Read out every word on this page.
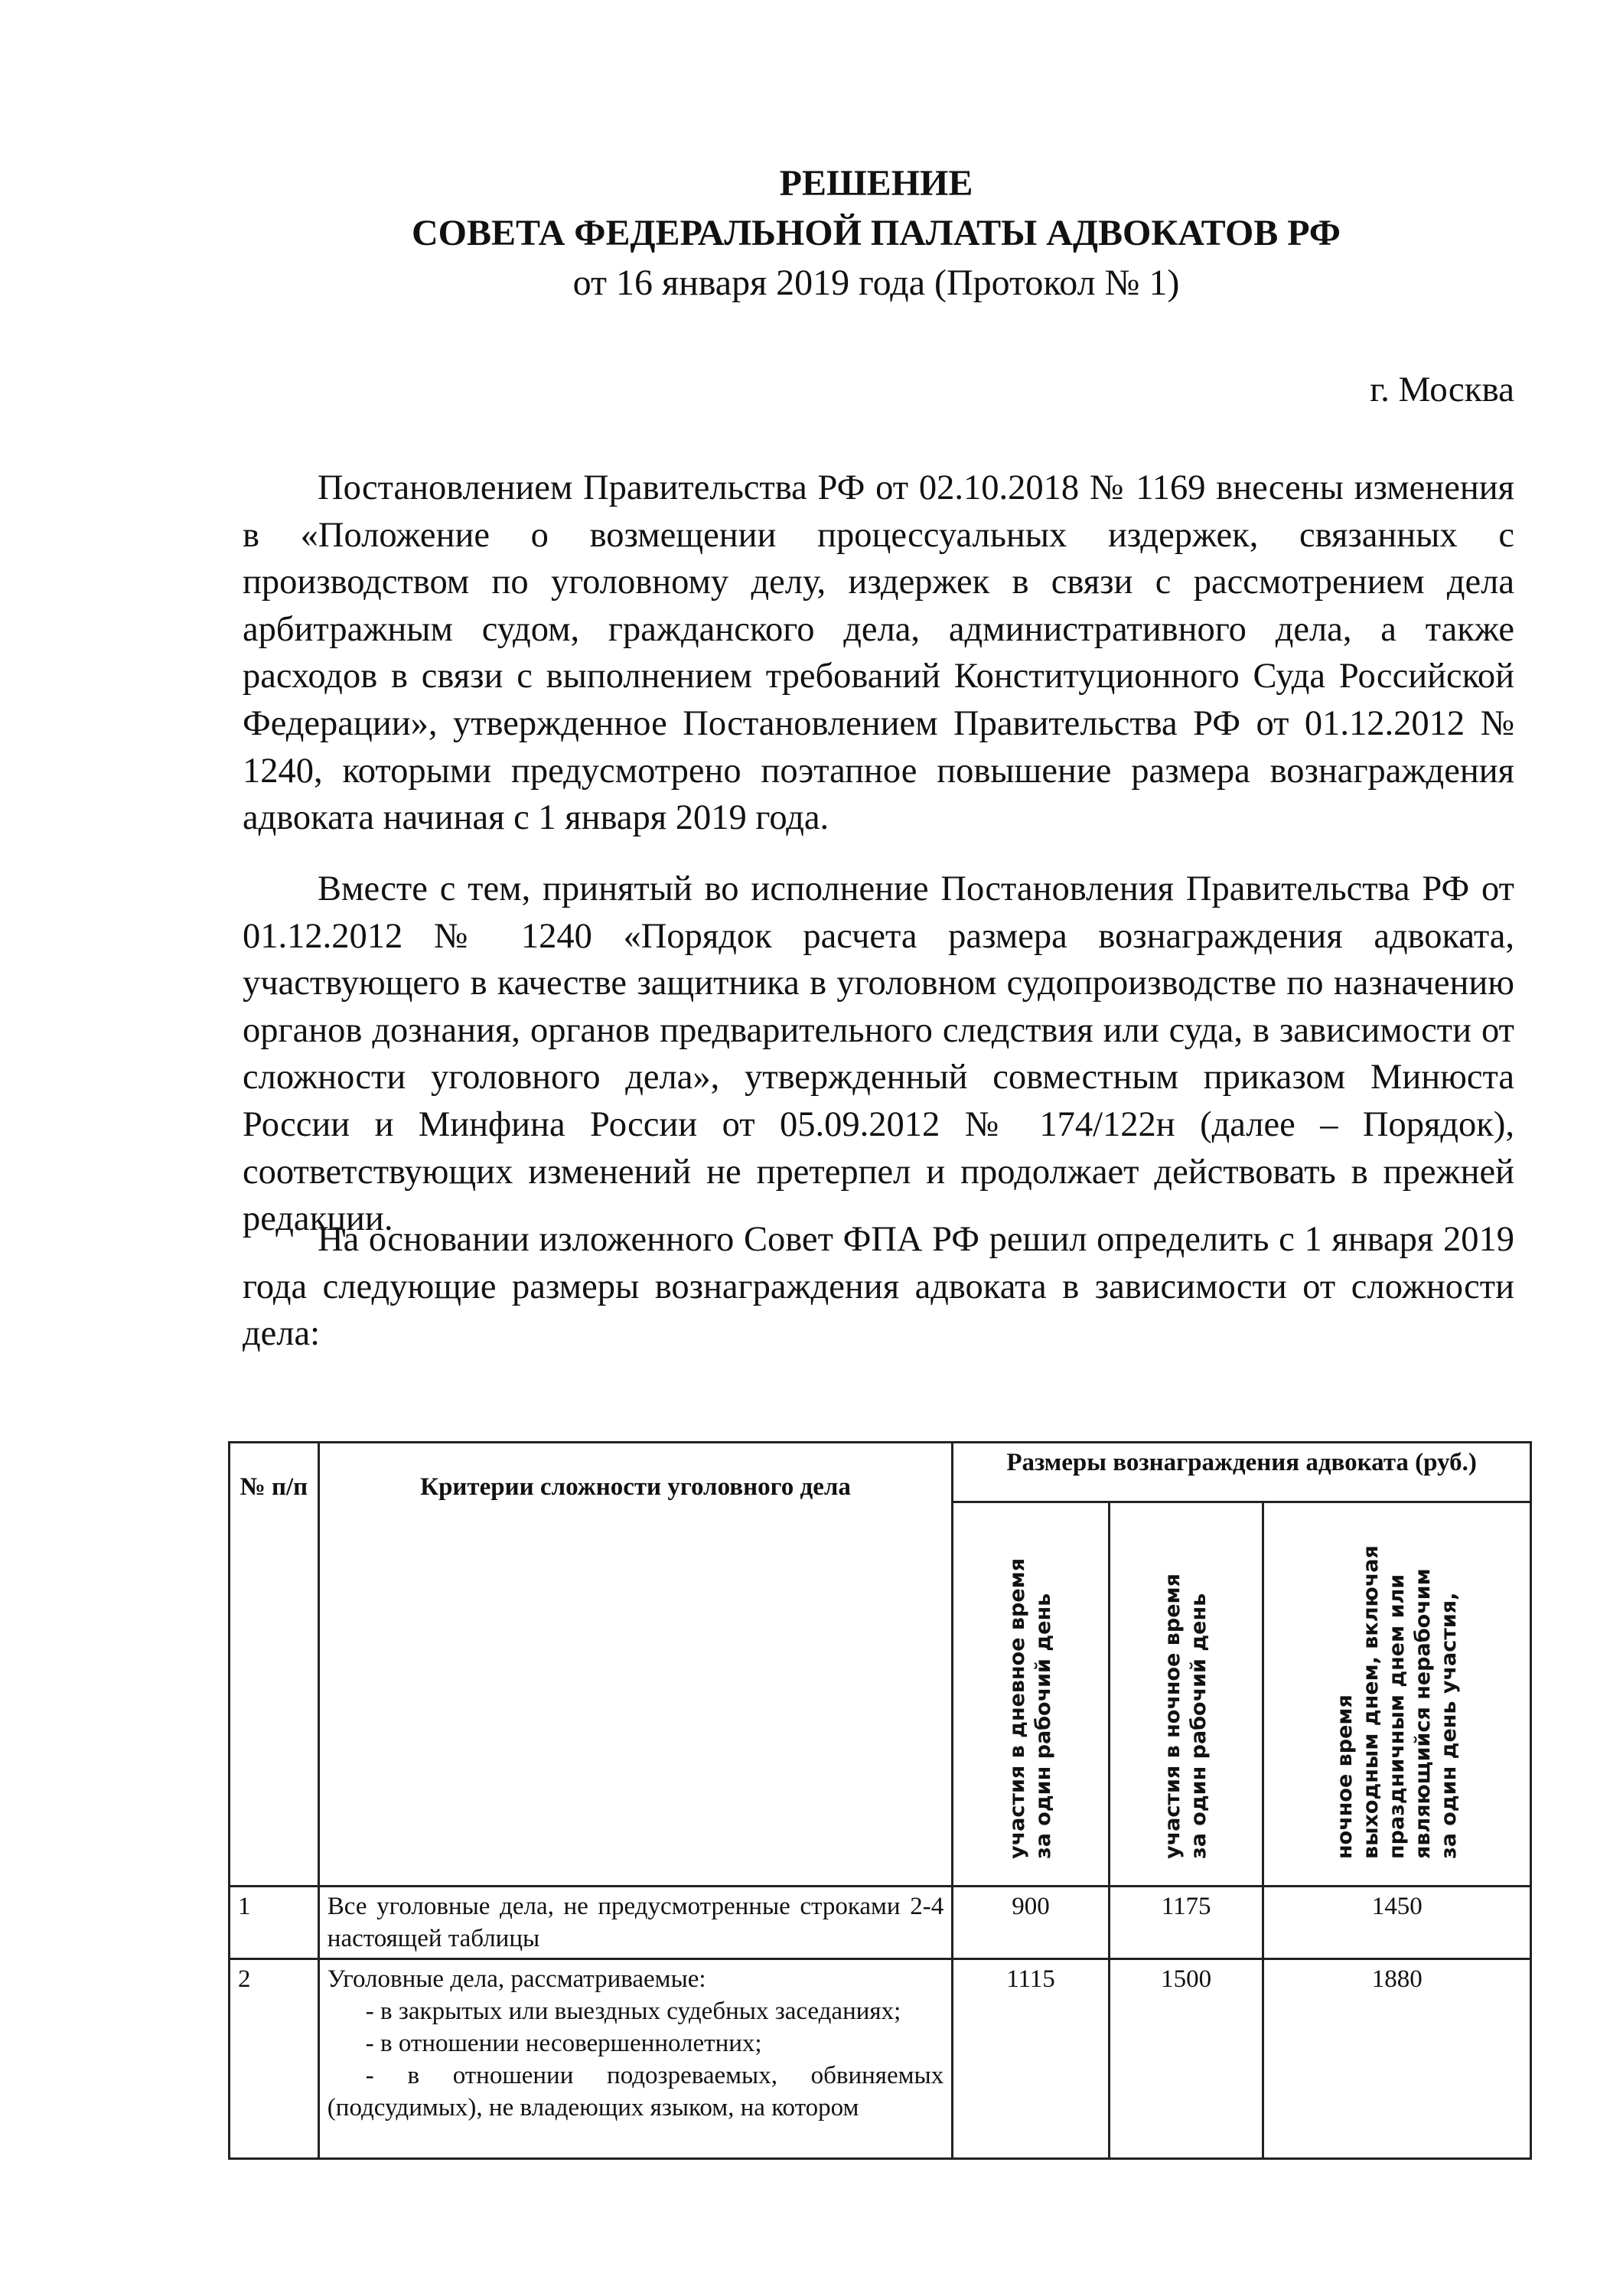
РЕШЕНИЕ
СОВЕТА ФЕДЕРАЛЬНОЙ ПАЛАТЫ АДВОКАТОВ РФ
от 16 января 2019 года (Протокол № 1)
г. Москва

Постановлением Правительства РФ от 02.10.2018 № 1169 внесены изменения в «Положение о возмещении процессуальных издержек, связанных с производством по уголовному делу, издержек в связи с рассмотрением дела арбитражным судом, гражданского дела, административного дела, а также расходов в связи с выполнением требований Конституционного Суда Российской Федерации», утвержденное Постановлением Правительства РФ от 01.12.2012 № 1240, которыми предусмотрено поэтапное повышение размера вознаграждения адвоката начиная с 1 января 2019 года.

Вместе с тем, принятый во исполнение Постановления Правительства РФ от 01.12.2012 № 1240 «Порядок расчета размера вознаграждения адвоката, участвующего в качестве защитника в уголовном судопроизводстве по назначению органов дознания, органов предварительного следствия или суда, в зависимости от сложности уголовного дела», утвержденный совместным приказом Минюста России и Минфина России от 05.09.2012 № 174/122н (далее – Порядок), соответствующих изменений не претерпел и продолжает действовать в прежней редакции.

На основании изложенного Совет ФПА РФ решил определить с 1 января 2019 года следующие размеры вознаграждения адвоката в зависимости от сложности дела:

№ п/п	Критерии сложности уголовного дела	Размеры вознаграждения адвоката (руб.)		

		за один рабочий день участия в дневное время	за один рабочий день участия в ночное время	за один день участия, являющийся нерабочим праздничным днем или выходным днем, включая ночное время

1	Все уголовные дела, не предусмотренные строками 2-4 настоящей таблицы	900	1175	1450
2	Уголовные дела, рассматриваемые:
- в закрытых или выездных судебных заседаниях;
- в отношении несовершеннолетних;
- в отношении подозреваемых, обвиняемых (подсудимых), не владеющих языком, на котором	1115	1500	1880
